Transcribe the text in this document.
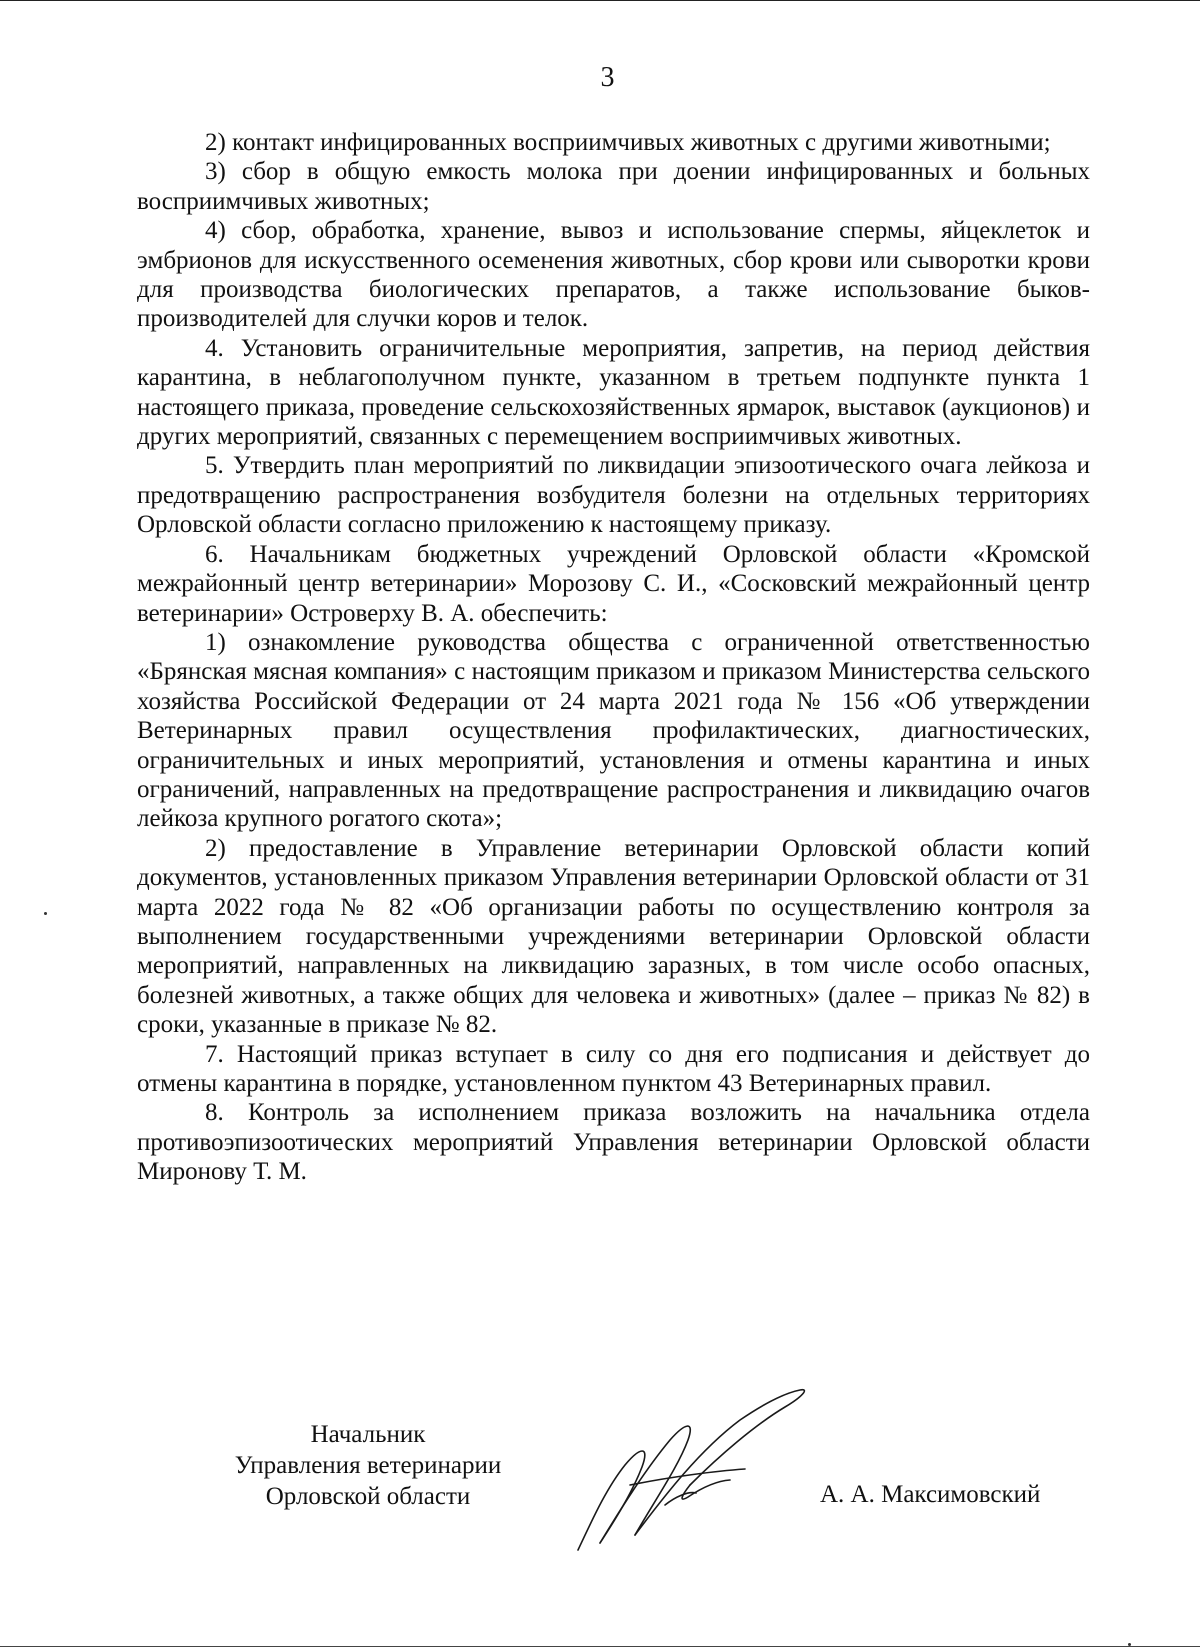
3

2) контакт инфицированных восприимчивых животных с другими животными;

3) сбор в общую емкость молока при доении инфицированных и больных восприимчивых животных;

4) сбор, обработка, хранение, вывоз и использование спермы, яйцеклеток и эмбрионов для искусственного осеменения животных, сбор крови или сыворотки крови для производства биологических препаратов, а также использование быков-производителей для случки коров и телок.

4. Установить ограничительные мероприятия, запретив, на период действия карантина, в неблагополучном пункте, указанном в третьем подпункте пункта 1 настоящего приказа, проведение сельскохозяйственных ярмарок, выставок (аукционов) и других мероприятий, связанных с перемещением восприимчивых животных.

5. Утвердить план мероприятий по ликвидации эпизоотического очага лейкоза и предотвращению распространения возбудителя болезни на отдельных территориях Орловской области согласно приложению к настоящему приказу.

6. Начальникам бюджетных учреждений Орловской области «Кромской межрайонный центр ветеринарии» Морозову С. И., «Сосковский межрайонный центр ветеринарии» Островерху В. А. обеспечить:

1) ознакомление руководства общества с ограниченной ответственностью «Брянская мясная компания» с настоящим приказом и приказом Министерства сельского хозяйства Российской Федерации от 24 марта 2021 года № 156 «Об утверждении Ветеринарных правил осуществления профилактических, диагностических, ограничительных и иных мероприятий, установления и отмены карантина и иных ограничений, направленных на предотвращение распространения и ликвидацию очагов лейкоза крупного рогатого скота»;

2) предоставление в Управление ветеринарии Орловской области копий документов, установленных приказом Управления ветеринарии Орловской области от 31 марта 2022 года № 82 «Об организации работы по осуществлению контроля за выполнением государственными учреждениями ветеринарии Орловской области мероприятий, направленных на ликвидацию заразных, в том числе особо опасных, болезней животных, а также общих для человека и животных» (далее – приказ № 82) в сроки, указанные в приказе № 82.

7. Настоящий приказ вступает в силу со дня его подписания и действует до отмены карантина в порядке, установленном пунктом 43 Ветеринарных правил.

8. Контроль за исполнением приказа возложить на начальника отдела противоэпизоотических мероприятий Управления ветеринарии Орловской области Миронову Т. М.

Начальник
Управления ветеринарии
Орловской области	А. А. Максимовский
